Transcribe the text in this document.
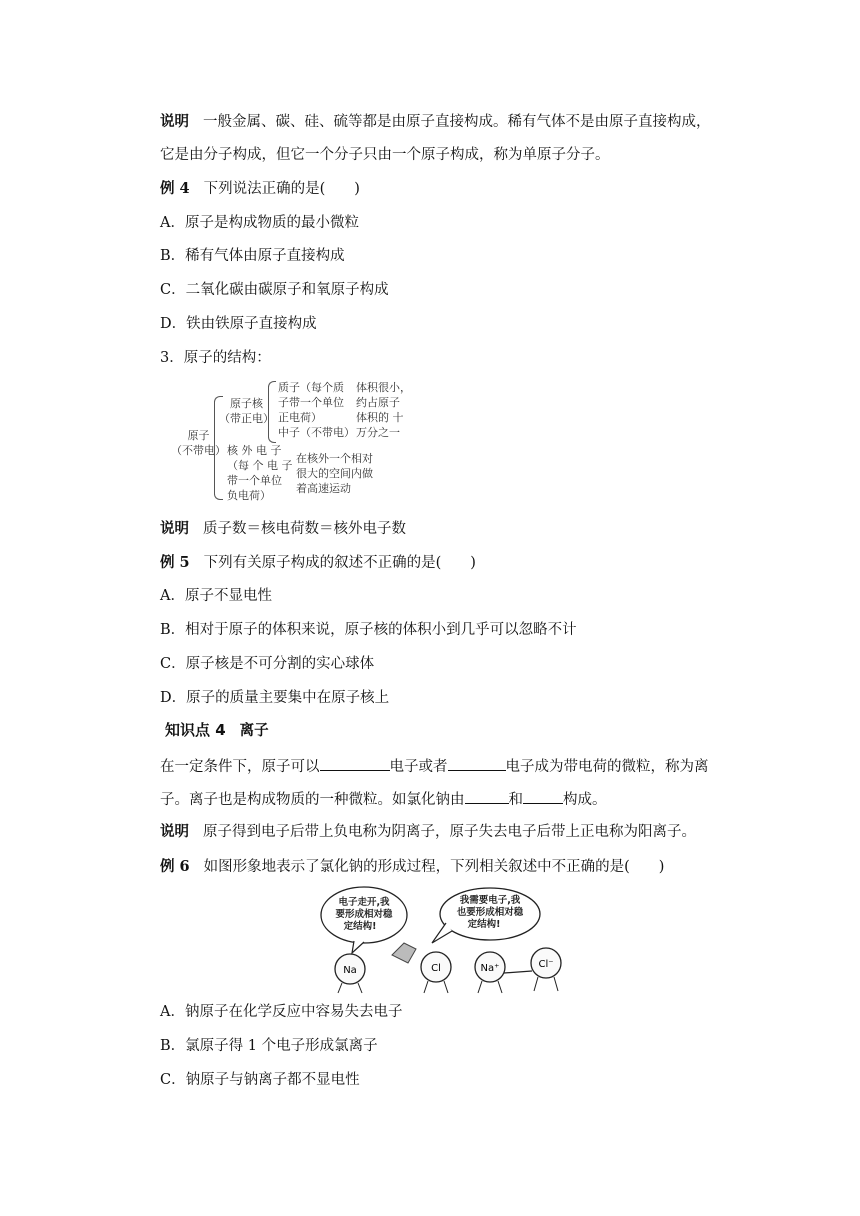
说明 一般金属、碳、硅、硫等都是由原子直接构成。稀有气体不是由原子直接构成，
它是由分子构成，但它一个分子只由一个原子构成，称为单原子分子。
例 4 下列说法正确的是(　　)
A．原子是构成物质的最小微粒
B．稀有气体由原子直接构成
C．二氧化碳由碳原子和氧原子构成
D．铁由铁原子直接构成
3．原子的结构：
原子
（不带电）
原子核
（带正电）
质子（每个质
子带一个单位
正电荷）
中子（不带电）
体积很小，
约占原子
体积的 十
万分之一
核 外 电 子
（每 个 电 子
带一个单位
负电荷）
在核外一个相对
很大的空间内做
着高速运动
说明 质子数＝核电荷数＝核外电子数
例 5 下列有关原子构成的叙述不正确的是(　　)
A．原子不显电性
B．相对于原子的体积来说，原子核的体积小到几乎可以忽略不计
C．原子核是不可分割的实心球体
D．原子的质量主要集中在原子核上
知识点 4 离子
在一定条件下，原子可以	电子或者	电子成为带电荷的微粒，称为离
子。离子也是构成物质的一种微粒。如氯化钠由	和	构成。
说明 原子得到电子后带上负电称为阴离子，原子失去电子后带上正电称为阳离子。
例 6 如图形象地表示了氯化钠的形成过程，下列相关叙述中不正确的是(　　)
电子走开,我
要形成相对稳
定结构!
我需要电子,我
也要形成相对稳
定结构!
Na	Cl	Na⁺	Cl⁻
A．钠原子在化学反应中容易失去电子
B．氯原子得 1 个电子形成氯离子
C．钠原子与钠离子都不显电性
